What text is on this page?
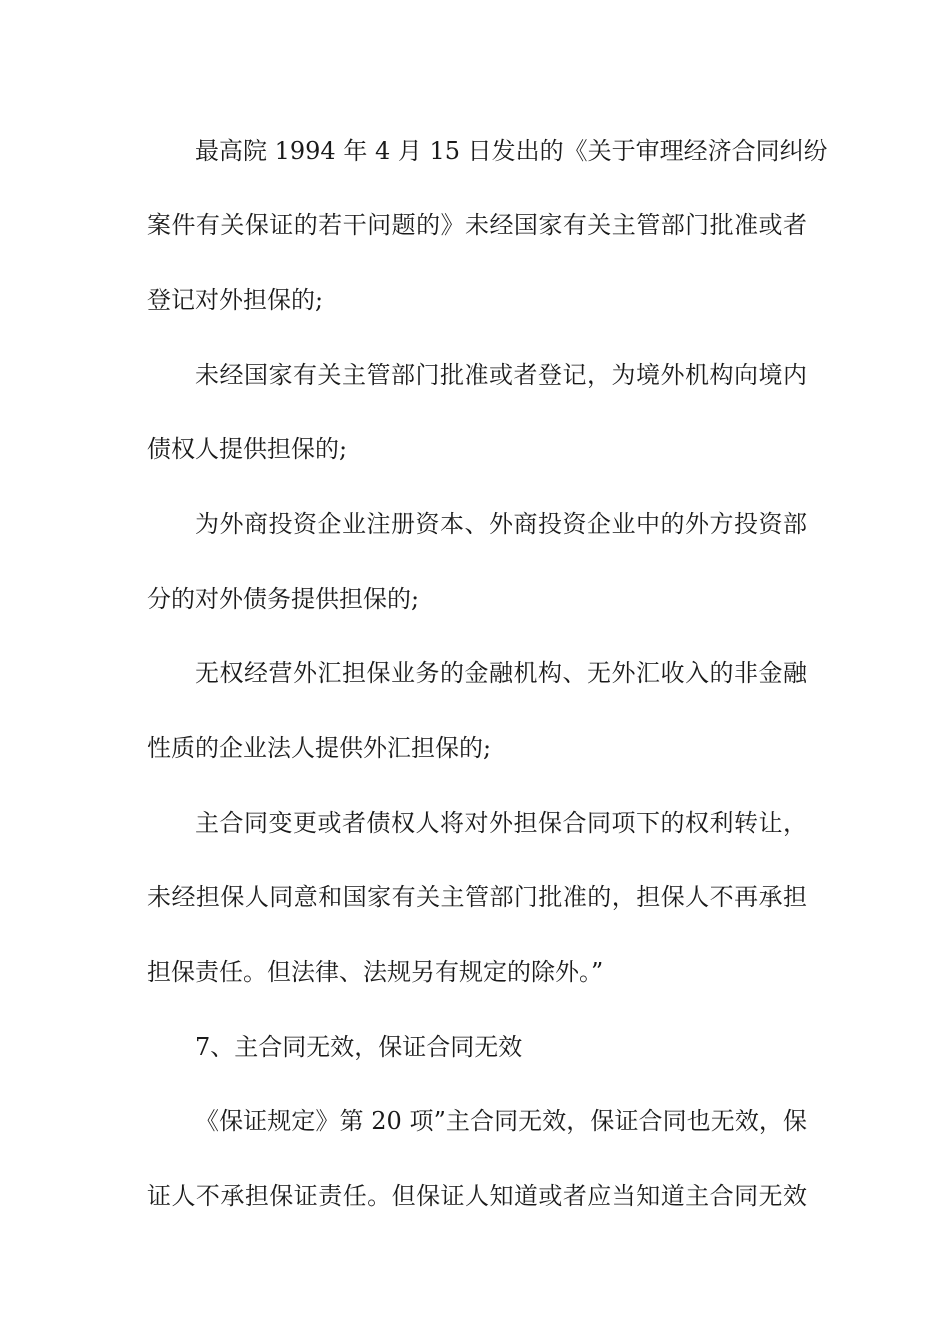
最高院 1994 年 4 月 15 日发出的《关于审理经济合同纠纷
案件有关保证的若干问题的》未经国家有关主管部门批准或者
登记对外担保的;
未经国家有关主管部门批准或者登记，为境外机构向境内
债权人提供担保的;
为外商投资企业注册资本、外商投资企业中的外方投资部
分的对外债务提供担保的;
无权经营外汇担保业务的金融机构、无外汇收入的非金融
性质的企业法人提供外汇担保的;
主合同变更或者债权人将对外担保合同项下的权利转让，
未经担保人同意和国家有关主管部门批准的，担保人不再承担
担保责任。但法律、法规另有规定的除外。”
7、主合同无效，保证合同无效
《保证规定》第 20 项”主合同无效，保证合同也无效，保
证人不承担保证责任。但保证人知道或者应当知道主合同无效
